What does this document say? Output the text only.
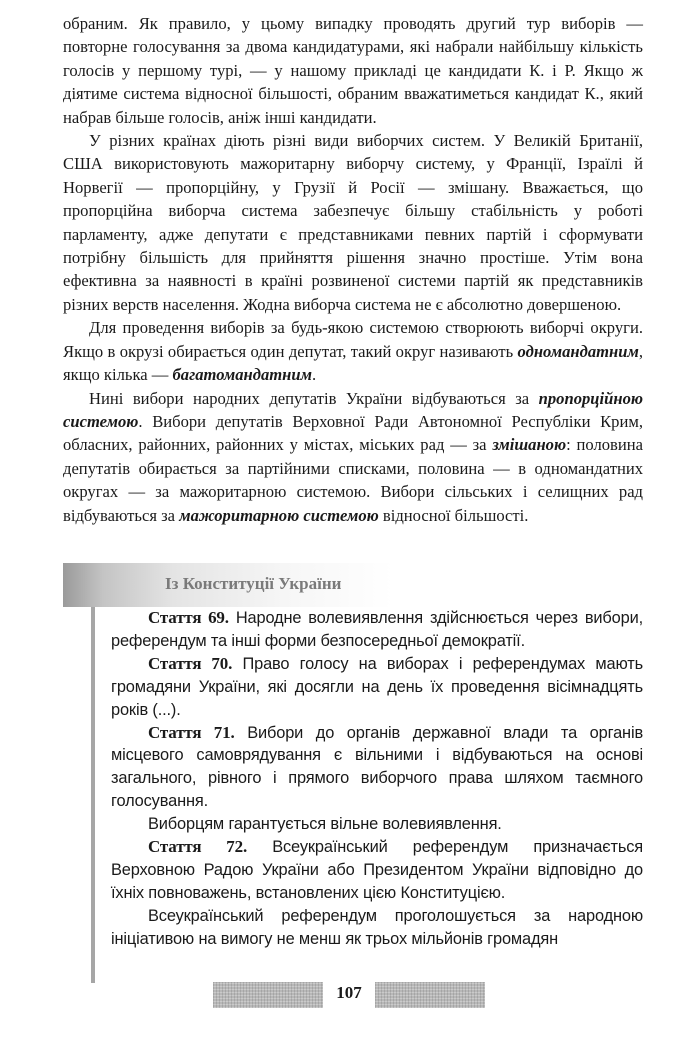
обраним. Як правило, у цьому випадку проводять другий тур виборів — повторне голосування за двома кандидатурами, які набрали найбільшу кількість голосів у першому турі, — у нашому прикладі це кандидати К. і Р. Якщо ж діятиме система відносної більшості, обраним вважатиметься кандидат К., який набрав більше голосів, аніж інші кандидати.

У різних країнах діють різні види виборчих систем. У Великій Британії, США використовують мажоритарну виборчу систему, у Франції, Ізраїлі й Норвегії — пропорційну, у Грузії й Росії — змішану. Вважається, що пропорційна виборча система забезпечує більшу стабільність у роботі парламенту, адже депутати є представниками певних партій і сформувати потрібну більшість для прийняття рішення значно простіше. Утім вона ефективна за наявності в країні розвиненої системи партій як представників різних верств населення. Жодна виборча система не є абсолютно довершеною.

Для проведення виборів за будь-якою системою створюють виборчі округи. Якщо в окрузі обирається один депутат, такий округ називають одномандатним, якщо кілька — багатомандатним.

Нині вибори народних депутатів України відбуваються за пропорційною системою. Вибори депутатів Верховної Ради Автономної Республіки Крим, обласних, районних, районних у містах, міських рад — за змішаною: половина депутатів обирається за партійними списками, половина — в одномандатних округах — за мажоритарною системою. Вибори сільських і селищних рад відбуваються за мажоритарною системою відносної більшості.

Із Конституції України

Стаття 69. Народне волевиявлення здійснюється через вибори, референдум та інші форми безпосередньої демократії.

Стаття 70. Право голосу на виборах і референдумах мають громадяни України, які досягли на день їх проведення вісімнадцять років (...).

Стаття 71. Вибори до органів державної влади та органів місцевого самоврядування є вільними і відбуваються на основі загального, рівного і прямого виборчого права шляхом таємного голосування.

Виборцям гарантується вільне волевиявлення.

Стаття 72. Всеукраїнський референдум призначається Верховною Радою України або Президентом України відповідно до їхніх повноважень, встановлених цією Конституцією.

Всеукраїнський референдум проголошується за народною ініціативою на вимогу не менш як трьох мільйонів громадян

107
